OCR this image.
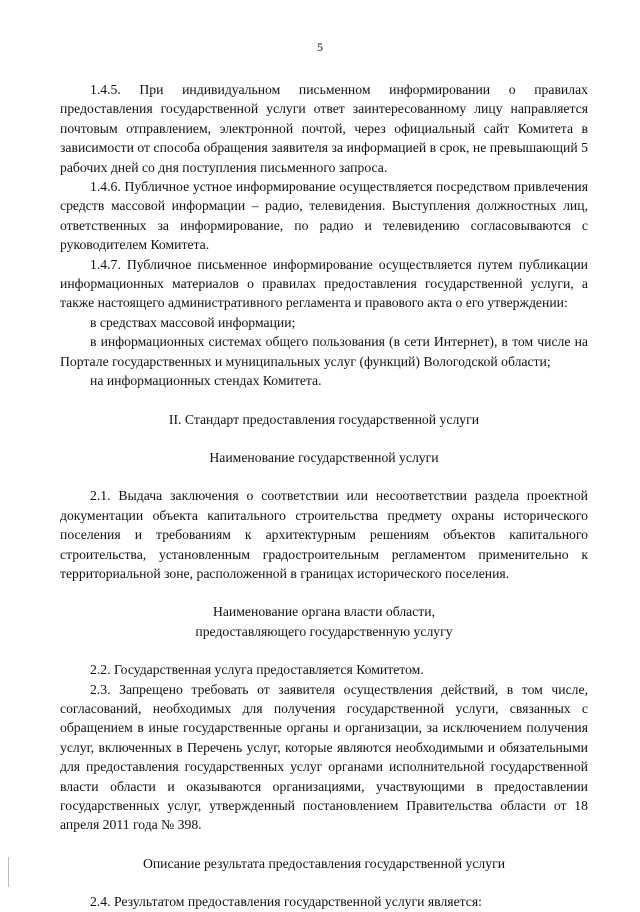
5

1.4.5. При индивидуальном письменном информировании о правилах предоставления государственной услуги ответ заинтересованному лицу направляется почтовым отправлением, электронной почтой, через официальный сайт Комитета в зависимости от способа обращения заявителя за информацией в срок, не превышающий 5 рабочих дней со дня поступления письменного запроса.

1.4.6. Публичное устное информирование осуществляется посредством привлечения средств массовой информации – радио, телевидения. Выступления должностных лиц, ответственных за информирование, по радио и телевидению согласовываются с руководителем Комитета.

1.4.7. Публичное письменное информирование осуществляется путем публикации информационных материалов о правилах предоставления государственной услуги, а также настоящего административного регламента и правового акта о его утверждении:

в средствах массовой информации;

в информационных системах общего пользования (в сети Интернет), в том числе на Портале государственных и муниципальных услуг (функций) Вологодской области;

на информационных стендах Комитета.

II. Стандарт предоставления государственной услуги

Наименование государственной услуги

2.1. Выдача заключения о соответствии или несоответствии раздела проектной документации объекта капитального строительства предмету охраны исторического поселения и требованиям к архитектурным решениям объектов капитального строительства, установленным градостроительным регламентом применительно к территориальной зоне, расположенной в границах исторического поселения.

Наименование органа власти области,

предоставляющего государственную услугу

2.2. Государственная услуга предоставляется Комитетом.

2.3. Запрещено требовать от заявителя осуществления действий, в том числе, согласований, необходимых для получения государственной услуги, связанных с обращением в иные государственные органы и организации, за исключением получения услуг, включенных в Перечень услуг, которые являются необходимыми и обязательными для предоставления государственных услуг органами исполнительной государственной власти области и оказываются организациями, участвующими в предоставлении государственных услуг, утвержденный постановлением Правительства области от 18 апреля 2011 года № 398.

Описание результата предоставления государственной услуги

2.4. Результатом предоставления государственной услуги является:
